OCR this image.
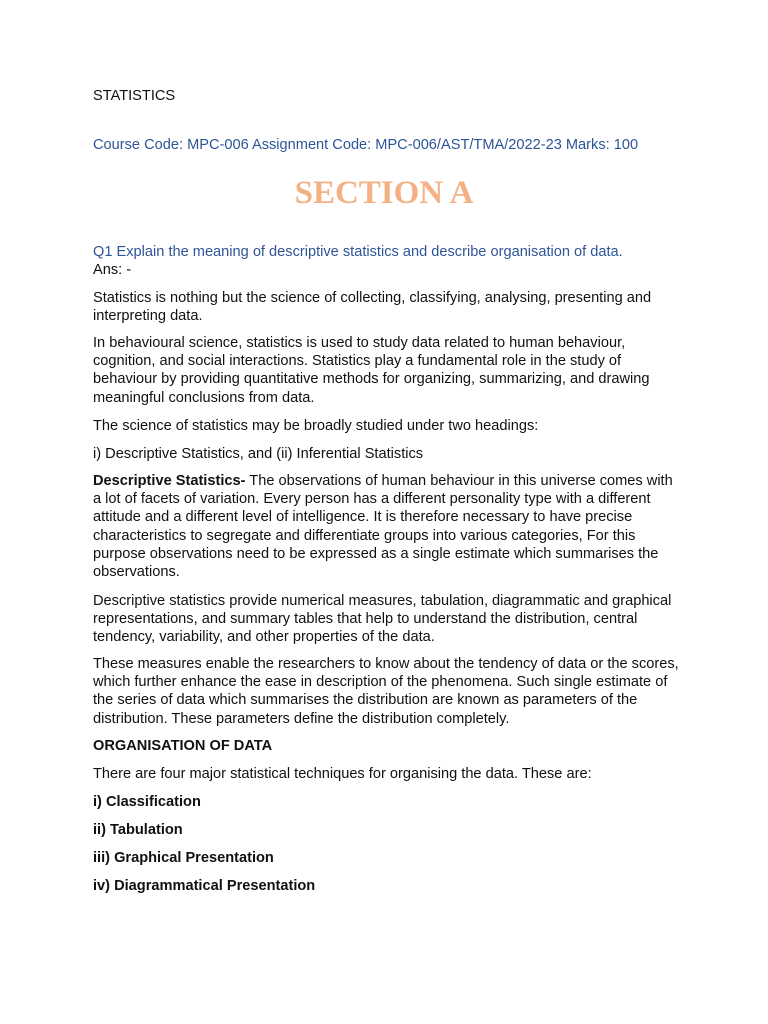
STATISTICS

Course Code: MPC-006 Assignment Code: MPC-006/AST/TMA/2022-23 Marks: 100

SECTION A

Q1 Explain the meaning of descriptive statistics and describe organisation of data.

Ans: -

Statistics is nothing but the science of collecting, classifying, analysing, presenting and interpreting data.

In behavioural science, statistics is used to study data related to human behaviour, cognition, and social interactions. Statistics play a fundamental role in the study of behaviour by providing quantitative methods for organizing, summarizing, and drawing meaningful conclusions from data.

The science of statistics may be broadly studied under two headings:

i) Descriptive Statistics, and (ii) Inferential Statistics

Descriptive Statistics- The observations of human behaviour in this universe comes with a lot of facets of variation. Every person has a different personality type with a different attitude and a different level of intelligence. It is therefore necessary to have precise characteristics to segregate and differentiate groups into various categories, For this purpose observations need to be expressed as a single estimate which summarises the observations.

Descriptive statistics provide numerical measures, tabulation, diagrammatic and graphical representations, and summary tables that help to understand the distribution, central tendency, variability, and other properties of the data.

These measures enable the researchers to know about the tendency of data or the scores, which further enhance the ease in description of the phenomena. Such single estimate of the series of data which summarises the distribution are known as parameters of the distribution. These parameters define the distribution completely.

ORGANISATION OF DATA

There are four major statistical techniques for organising the data. These are:

i) Classification

ii) Tabulation

iii) Graphical Presentation

iv) Diagrammatical Presentation
